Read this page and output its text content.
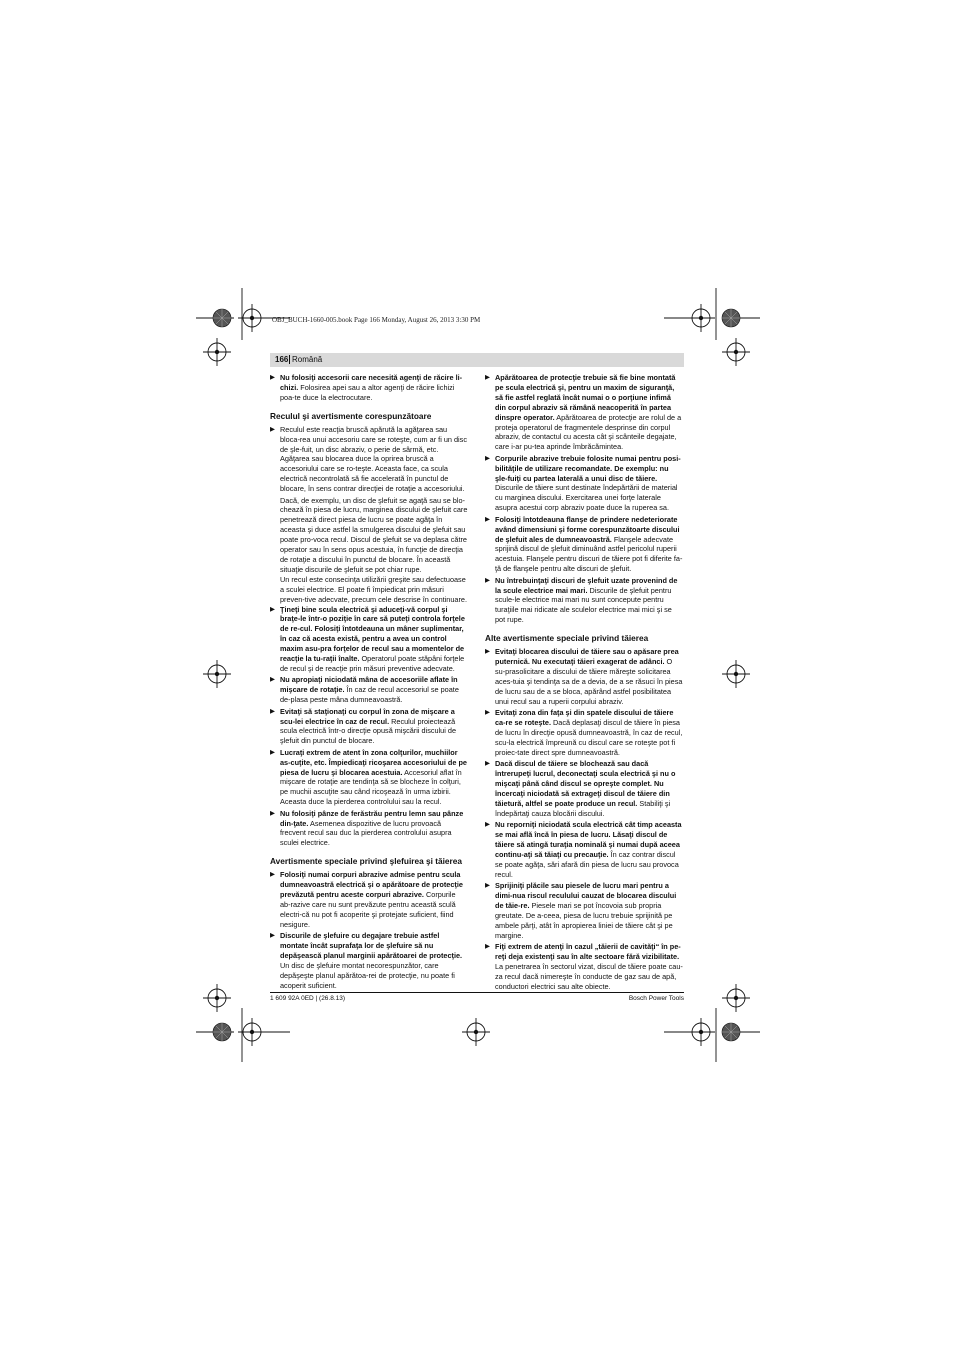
OBJ_BUCH-1660-005.book Page 166 Monday, August 26, 2013 3:30 PM
166 Română
▶ Nu folosiţi accesorii care necesită agenţi de răcire li-chizi. Folosirea apei sau a altor agenţi de răcire lichizi poa-te duce la electrocutare.
Reculul şi avertismente corespunzătoare
▶ Reculul este reacţia bruscă apărută la agăţarea sau bloca-rea unui accesoriu care se roteşte, cum ar fi un disc de şle-fuit, un disc abraziv, o perie de sârmă, etc. Agăţarea sau blocarea duce la oprirea bruscă a accesoriului care se ro-teşte. Aceasta face, ca scula electrică necontrolată să fie accelerată în punctul de blocare, în sens contrar direcţiei de rotaţie a accesoriului.
Dacă, de exemplu, un disc de şlefuit se agaţă sau se blo-chează în piesa de lucru, marginea discului de şlefuit care penetrează direct piesa de lucru se poate agăţa în aceasta şi duce astfel la smulgerea discului de şlefuit sau poate pro-voca recul. Discul de şlefuit se va deplasa către operator sau în sens opus acestuia, în funcţie de direcţia de rotaţie a discului în punctul de blocare. În această situaţie discurile de şlefuit se pot chiar rupe.
Un recul este consecinţa utilizării greşite sau defectuoase a sculei electrice. El poate fi împiedicat prin măsuri preven-tive adecvate, precum cele descrise în continuare.
▶ Ţineţi bine scula electrică şi aduceţi-vă corpul şi braţe-le într-o poziţie în care să puteţi controla forţele de re-cul. Folosiţi întotdeauna un mâner suplimentar, în caz că acesta există, pentru a avea un control maxim asu-pra forţelor de recul sau a momentelor de reacţie la tu-raţii înalte. Operatorul poate stăpâni forţele de recul şi de reacţie prin măsuri preventive adecvate.
▶ Nu apropiaţi niciodată mâna de accesoriile aflate în mişcare de rotaţie. În caz de recul accesoriul se poate de-plasa peste mâna dumneavoastră.
▶ Evitaţi să staţionaţi cu corpul în zona de mişcare a scu-lei electrice în caz de recul. Reculul proiectează scula electrică într-o direcţie opusă mişcării discului de şlefuit din punctul de blocare.
▶ Lucraţi extrem de atent în zona colţurilor, muchiilor as-cuţite, etc. Împiedicaţi ricoşarea accesoriului de pe piesa de lucru şi blocarea acestuia. Accesoriul aflat în mişcare de rotaţie are tendinţa să se blocheze în colţuri, pe muchii ascuţite sau când ricoşează în urma izbirii. Aceasta duce la pierderea controlului sau la recul.
▶ Nu folosiţi pânze de ferăstrău pentru lemn sau pânze din-ţate. Asemenea dispozitive de lucru provoacă frecvent recul sau duc la pierderea controlului asupra sculei electrice.
Avertismente speciale privind şlefuirea şi tăierea
▶ Folosiţi numai corpuri abrazive admise pentru scula dumneavoastră electrică şi o apărătoare de protecţie prevăzută pentru aceste corpuri abrazive. Corpurile ab-razive care nu sunt prevăzute pentru această sculă electri-că nu pot fi acoperite şi protejate suficient, fiind nesigure.
▶ Discurile de şlefuire cu degajare trebuie astfel montate încât suprafaţa lor de şlefuire să nu depăşească planul marginii apărătoarei de protecţie. Un disc de şlefuire montat necorespunzător, care depăşeşte planul apărătoa-rei de protecţie, nu poate fi acoperit suficient.
▶ Apărătoarea de protecţie trebuie să fie bine montată pe scula electrică şi, pentru un maxim de siguranţă, să fie astfel reglată încât numai o o porţiune infimă din corpul abraziv să rămână neacoperită în partea dinspre operator. Apărătoarea de protecţie are rolul de a proteja operatorul de fragmentele desprinse din corpul abraziv, de contactul cu acesta cât şi scânteile degajate, care i-ar pu-tea aprinde îmbrăcămintea.
▶ Corpurile abrazive trebuie folosite numai pentru posi-bilităţile de utilizare recomandate. De exemplu: nu şle-fuiţi cu partea laterală a unui disc de tăiere. Discurile de tăiere sunt destinate îndepărtării de material cu marginea discului. Exercitarea unei forţe laterale asupra acestui corp abraziv poate duce la ruperea sa.
▶ Folosiţi întotdeauna flanşe de prindere nedeteriorate având dimensiuni şi forme corespunzătoarte discului de şlefuit ales de dumneavoastră. Flanşele adecvate sprijină discul de şlefuit diminuând astfel pericolul ruperii acestuia. Flanşele pentru discuri de tăiere pot fi diferite fa-ţă de flanşele pentru alte discuri de şlefuit.
▶ Nu întrebuinţaţi discuri de şlefuit uzate provenind de la scule electrice mai mari. Discurile de şlefuit pentru scule-le electrice mai mari nu sunt concepute pentru turaţiile mai ridicate ale sculelor electrice mai mici şi se pot rupe.
Alte avertismente speciale privind tăierea
▶ Evitaţi blocarea discului de tăiere sau o apăsare prea puternică. Nu executaţi tăieri exagerat de adânci. O su-prasolicitare a discului de tăiere măreşte solicitarea aces-tuia şi tendinţa sa de a devia, de a se răsuci în piesa de lucru sau de a se bloca, apărând astfel posibilitatea unui recul sau a ruperii corpului abraziv.
▶ Evitaţi zona din faţa şi din spatele discului de tăiere ca-re se roteşte. Dacă deplasaţi discul de tăiere în piesa de lucru în direcţie opusă dumneavoastră, în caz de recul, scu-la electrică împreună cu discul care se roteşte pot fi proiec-tate direct spre dumneavoastră.
▶ Dacă discul de tăiere se blochează sau dacă întrerupeţi lucrul, deconectaţi scula electrică şi nu o mişcaţi până când discul se opreşte complet. Nu încercaţi niciodată să extrageţi discul de tăiere din tăietură, altfel se poate produce un recul. Stabiliţi şi îndepărtaţi cauza blocării discului.
▶ Nu reporniţi niciodată scula electrică cât timp aceasta se mai află încă în piesa de lucru. Lăsaţi discul de tăiere să atingă turaţia nominală şi numai după aceea continu-aţi să tăiaţi cu precauţie. În caz contrar discul se poate agăţa, sări afară din piesa de lucru sau provoca recul.
▶ Sprijiniţi plăcile sau piesele de lucru mari pentru a dimi-nua riscul reculului cauzat de blocarea discului de tăie-re. Piesele mari se pot încovoia sub propria greutate. De a-ceea, piesa de lucru trebuie sprijinită pe ambele părţi, atât în apropierea liniei de tăiere cât şi pe margine.
▶ Fiţi extrem de atenţi în cazul „tăierii de cavităţi“ în pe-reţi deja existenţi sau în alte sectoare fără vizibilitate. La penetrarea în sectorul vizat, discul de tăiere poate cau-za recul dacă nimereşte în conducte de gaz sau de apă, conductori electrici sau alte obiecte.
1 609 92A 0ED | (26.8.13)	Bosch Power Tools
